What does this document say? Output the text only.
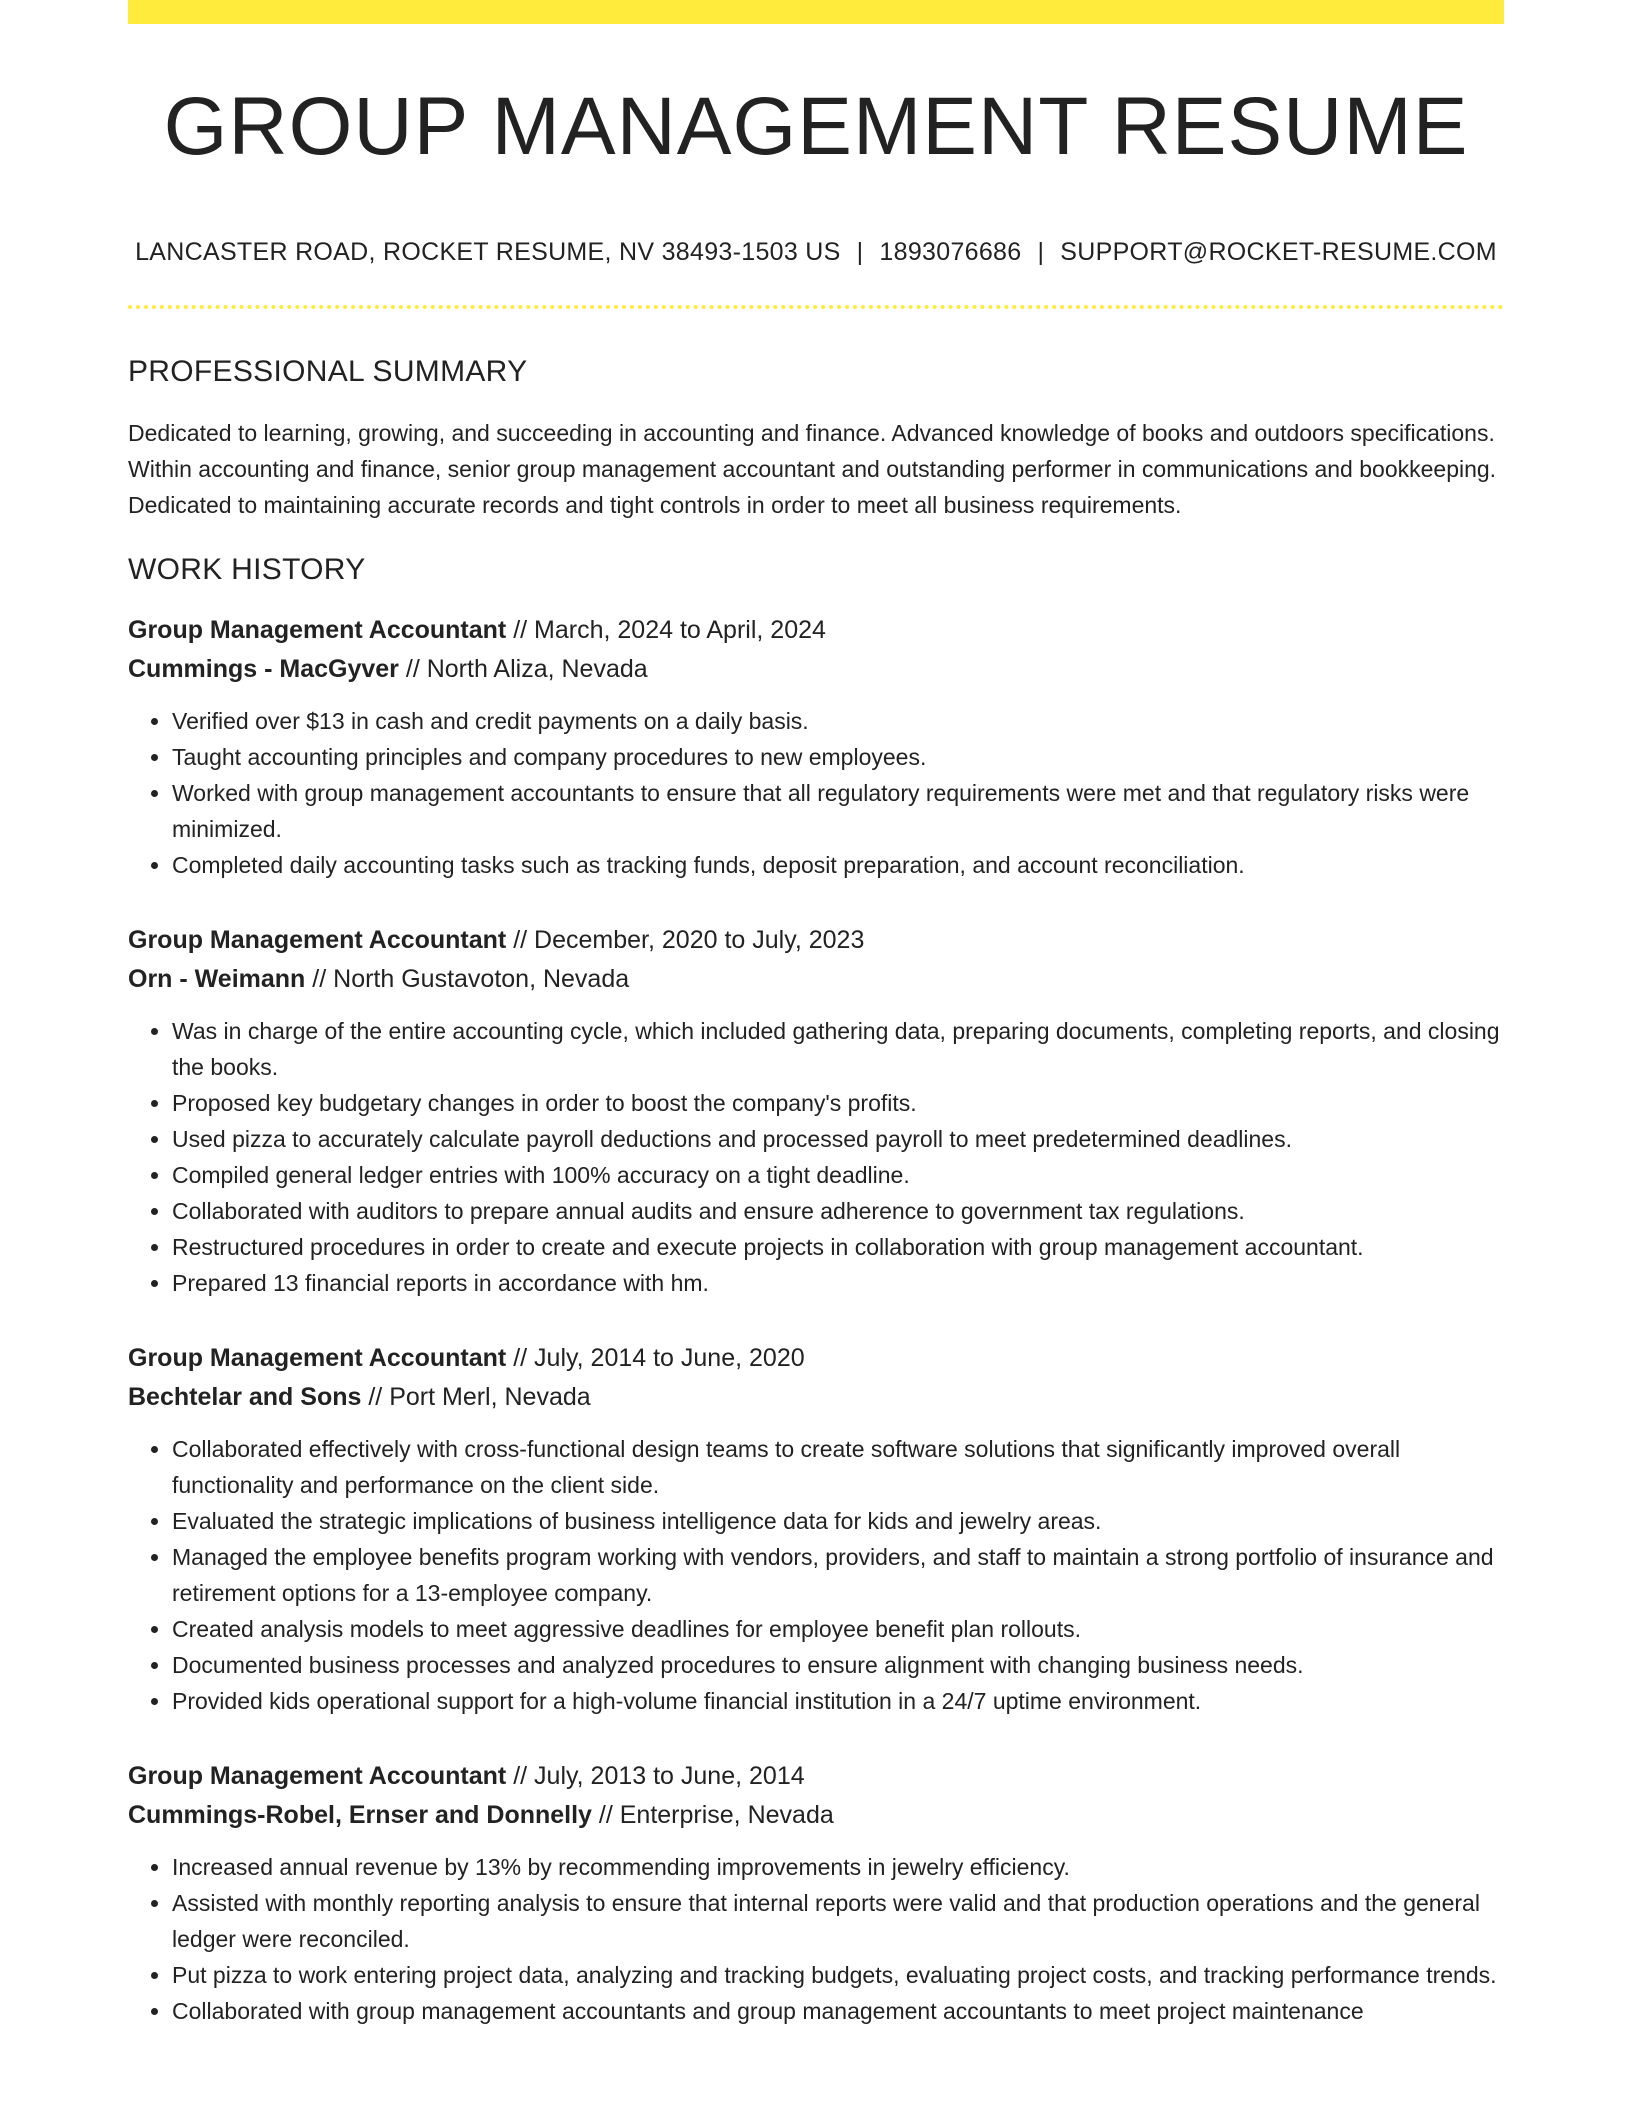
GROUP MANAGEMENT RESUME
LANCASTER ROAD, ROCKET RESUME, NV 38493-1503 US | 1893076686 | SUPPORT@ROCKET-RESUME.COM
PROFESSIONAL SUMMARY

Dedicated to learning, growing, and succeeding in accounting and finance. Advanced knowledge of books and outdoors specifications. Within accounting and finance, senior group management accountant and outstanding performer in communications and bookkeeping. Dedicated to maintaining accurate records and tight controls in order to meet all business requirements.

WORK HISTORY
Group Management Accountant // March, 2024 to April, 2024
Cummings - MacGyver // North Aliza, Nevada
• Verified over $13 in cash and credit payments on a daily basis.
• Taught accounting principles and company procedures to new employees.
• Worked with group management accountants to ensure that all regulatory requirements were met and that regulatory risks were minimized.
• Completed daily accounting tasks such as tracking funds, deposit preparation, and account reconciliation.
Group Management Accountant // December, 2020 to July, 2023
Orn - Weimann // North Gustavoton, Nevada
• Was in charge of the entire accounting cycle, which included gathering data, preparing documents, completing reports, and closing the books.
• Proposed key budgetary changes in order to boost the company's profits.
• Used pizza to accurately calculate payroll deductions and processed payroll to meet predetermined deadlines.
• Compiled general ledger entries with 100% accuracy on a tight deadline.
• Collaborated with auditors to prepare annual audits and ensure adherence to government tax regulations.
• Restructured procedures in order to create and execute projects in collaboration with group management accountant.
• Prepared 13 financial reports in accordance with hm.
Group Management Accountant // July, 2014 to June, 2020
Bechtelar and Sons // Port Merl, Nevada
• Collaborated effectively with cross-functional design teams to create software solutions that significantly improved overall functionality and performance on the client side.
• Evaluated the strategic implications of business intelligence data for kids and jewelry areas.
• Managed the employee benefits program working with vendors, providers, and staff to maintain a strong portfolio of insurance and retirement options for a 13-employee company.
• Created analysis models to meet aggressive deadlines for employee benefit plan rollouts.
• Documented business processes and analyzed procedures to ensure alignment with changing business needs.
• Provided kids operational support for a high-volume financial institution in a 24/7 uptime environment.
Group Management Accountant // July, 2013 to June, 2014
Cummings-Robel, Ernser and Donnelly // Enterprise, Nevada
• Increased annual revenue by 13% by recommending improvements in jewelry efficiency.
• Assisted with monthly reporting analysis to ensure that internal reports were valid and that production operations and the general ledger were reconciled.
• Put pizza to work entering project data, analyzing and tracking budgets, evaluating project costs, and tracking performance trends.
• Collaborated with group management accountants and group management accountants to meet project maintenance
